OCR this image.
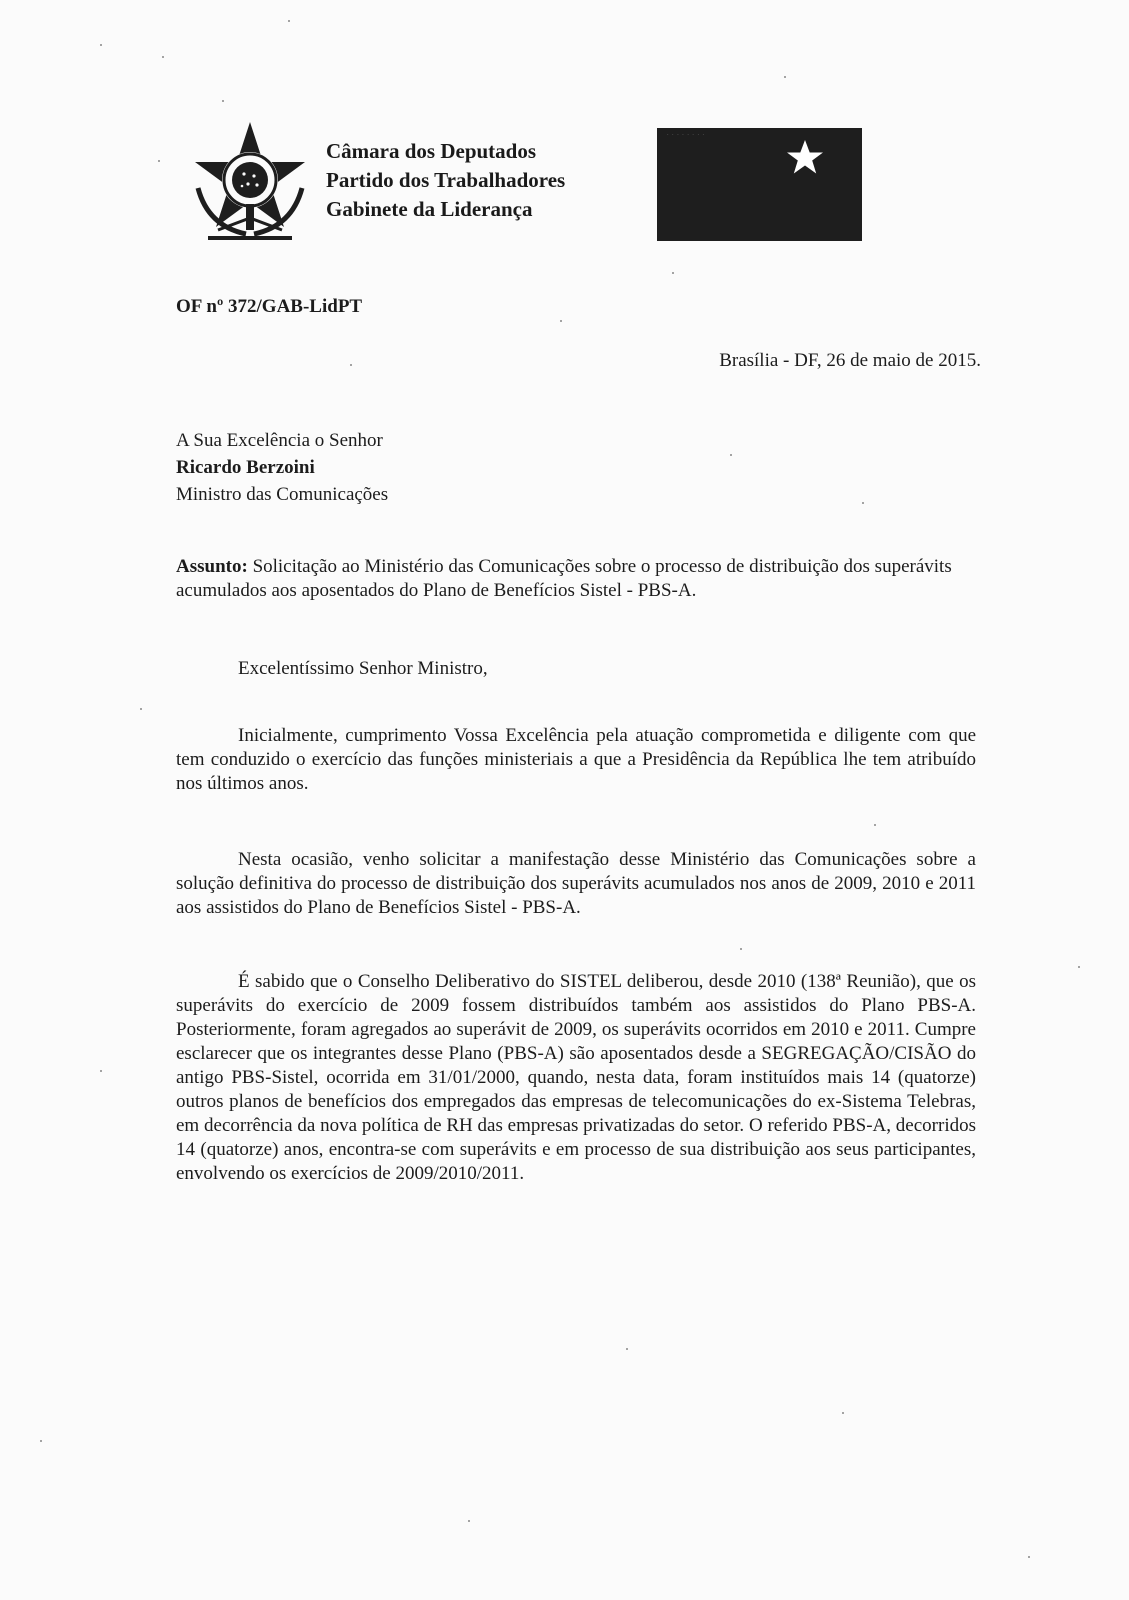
Câmara dos Deputados
Partido dos Trabalhadores
Gabinete da Liderança
· · · · · · · ·
OF nº 372/GAB-LidPT
Brasília - DF, 26 de maio de 2015.
A Sua Excelência o Senhor
Ricardo Berzoini
Ministro das Comunicações
Assunto: Solicitação ao Ministério das Comunicações sobre o processo de distribuição dos superávits acumulados aos aposentados do Plano de Benefícios Sistel - PBS-A.
Excelentíssimo Senhor Ministro,

Inicialmente, cumprimento Vossa Excelência pela atuação comprometida e diligente com que tem conduzido o exercício das funções ministeriais a que a Presidência da República lhe tem atribuído nos últimos anos.

Nesta ocasião, venho solicitar a manifestação desse Ministério das Comunicações sobre a solução definitiva do processo de distribuição dos superávits acumulados nos anos de 2009, 2010 e 2011 aos assistidos do Plano de Benefícios Sistel - PBS-A.

É sabido que o Conselho Deliberativo do SISTEL deliberou, desde 2010 (138ª Reunião), que os superávits do exercício de 2009 fossem distribuídos também aos assistidos do Plano PBS-A. Posteriormente, foram agregados ao superávit de 2009, os superávits ocorridos em 2010 e 2011. Cumpre esclarecer que os integrantes desse Plano (PBS-A) são aposentados desde a SEGREGAÇÃO/CISÃO do antigo PBS-Sistel, ocorrida em 31/01/2000, quando, nesta data, foram instituídos mais 14 (quatorze) outros planos de benefícios dos empregados das empresas de telecomunicações do ex-Sistema Telebras, em decorrência da nova política de RH das empresas privatizadas do setor. O referido PBS-A, decorridos 14 (quatorze) anos, encontra-se com superávits e em processo de sua distribuição aos seus participantes, envolvendo os exercícios de 2009/2010/2011.
